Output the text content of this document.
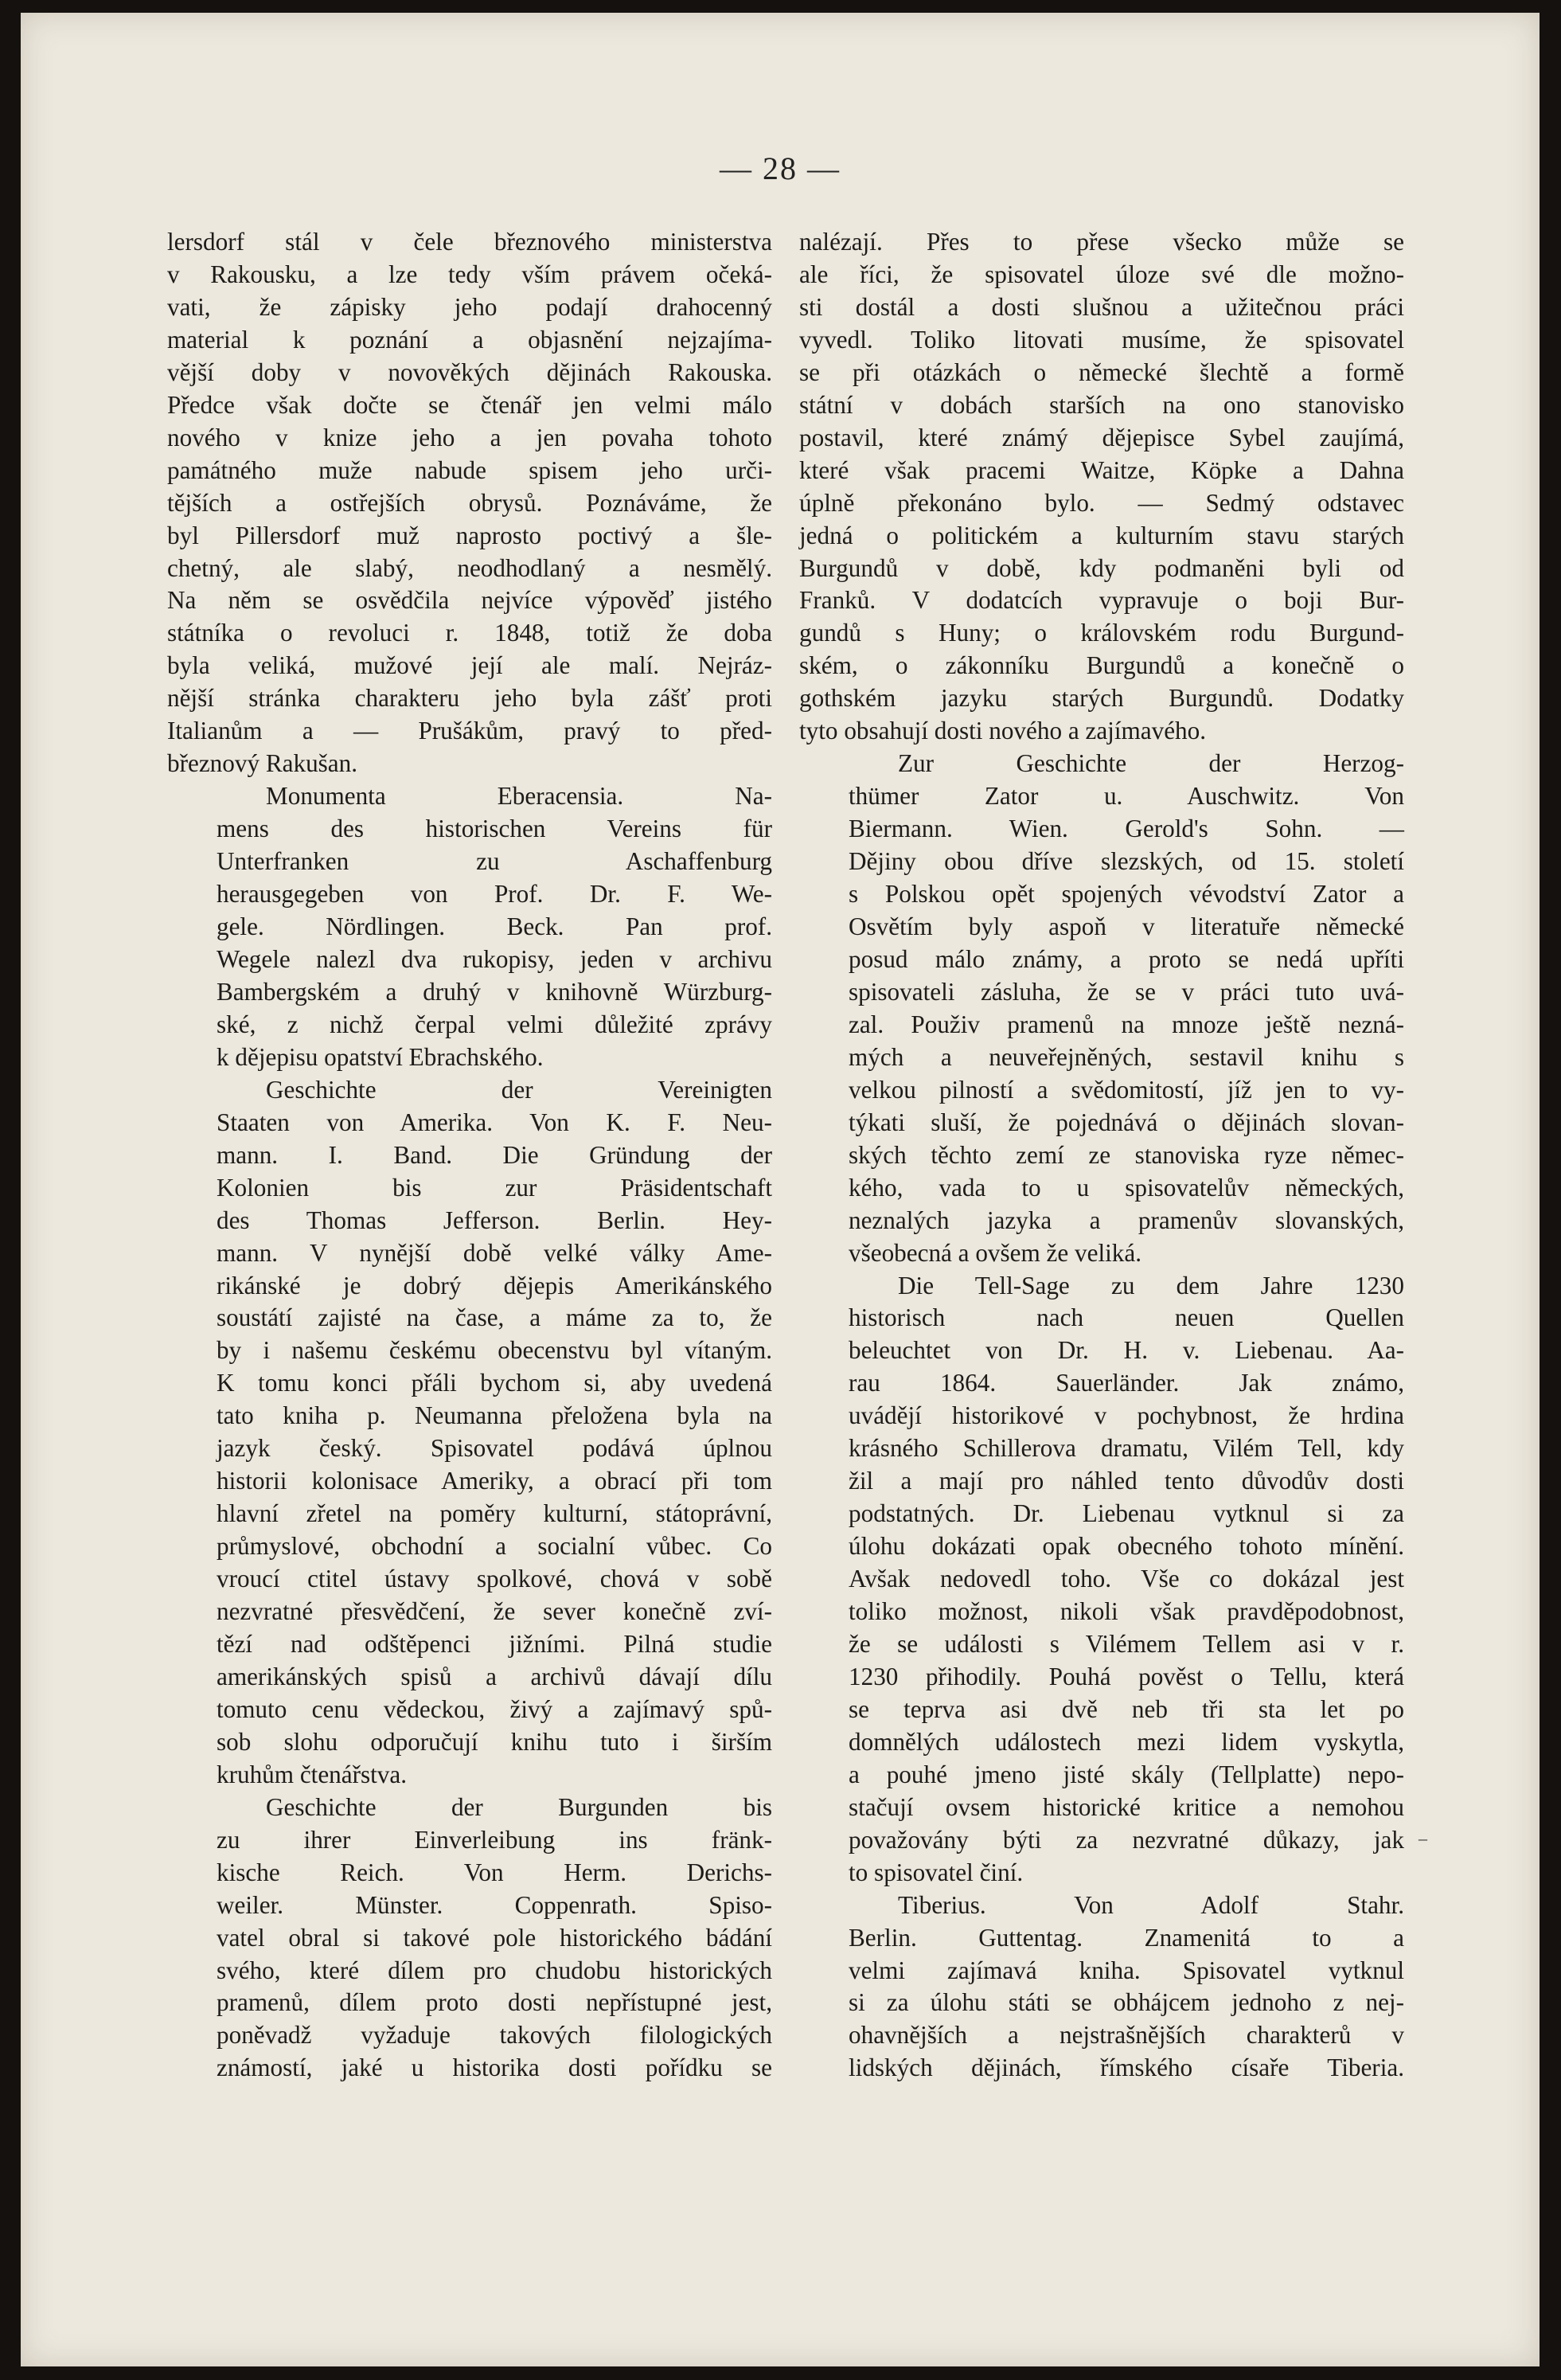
— 28 —

lersdorf stál v čele březnového ministerstva
v Rakousku, a lze tedy vším právem očeká-
vati, že zápisky jeho podají drahocenný
material k poznání a objasnění nejzajíma-
vější doby v novověkých dějinách Rakouska.
Předce však dočte se čtenář jen velmi málo
nového v knize jeho a jen povaha tohoto
památného muže nabude spisem jeho urči-
tějších a ostřejších obrysů. Poznáváme, že
byl Pillersdorf muž naprosto poctivý a šle-
chetný, ale slabý, neodhodlaný a nesmělý.
Na něm se osvědčila nejvíce výpověď jistého
státníka o revoluci r. 1848, totiž že doba
byla veliká, mužové její ale malí. Nejráz-
nější stránka charakteru jeho byla zášť proti
Italianům a — Prušákům, pravý to před-
březnový Rakušan.

Monumenta Eberacensia. Na-
mens des historischen Vereins für
Unterfranken zu Aschaffenburg
herausgegeben von Prof. Dr. F. We-
gele. Nördlingen. Beck. Pan prof.
Wegele nalezl dva rukopisy, jeden v archivu
Bambergském a druhý v knihovně Würzburg-
ské, z nichž čerpal velmi důležité zprávy
k dějepisu opatství Ebrachského.

Geschichte der Vereinigten
Staaten von Amerika. Von K. F. Neu-
mann. I. Band. Die Gründung der
Kolonien bis zur Präsidentschaft
des Thomas Jefferson. Berlin. Hey-
mann. V nynější době velké války Ame-
rikánské je dobrý dějepis Amerikánského
soustátí zajisté na čase, a máme za to, že
by i našemu českému obecenstvu byl vítaným.
K tomu konci přáli bychom si, aby uvedená
tato kniha p. Neumanna přeložena byla na
jazyk český. Spisovatel podává úplnou
historii kolonisace Ameriky, a obrací při tom
hlavní zřetel na poměry kulturní, státoprávní,
průmyslové, obchodní a socialní vůbec. Co
vroucí ctitel ústavy spolkové, chová v sobě
nezvratné přesvědčení, že sever konečně zví-
tězí nad odštěpenci jižními. Pilná studie
amerikánských spisů a archivů dávají dílu
tomuto cenu vědeckou, živý a zajímavý spů-
sob slohu odporučují knihu tuto i širším
kruhům čtenářstva.

Geschichte der Burgunden bis
zu ihrer Einverleibung ins fränk-
kische Reich. Von Herm. Derichs-
weiler. Münster. Coppenrath. Spiso-
vatel obral si takové pole historického bádání
svého, které dílem pro chudobu historických
pramenů, dílem proto dosti nepřístupné jest,
poněvadž vyžaduje takových filologických
známostí, jaké u historika dosti pořídku se

nalézají. Přes to přese všecko může se
ale říci, že spisovatel úloze své dle možno-
sti dostál a dosti slušnou a užitečnou práci
vyvedl. Toliko litovati musíme, že spisovatel
se při otázkách o německé šlechtě a formě
státní v dobách starších na ono stanovisko
postavil, které známý dějepisce Sybel zaujímá,
které však pracemi Waitze, Köpke a Dahna
úplně překonáno bylo. — Sedmý odstavec
jedná o politickém a kulturním stavu starých
Burgundů v době, kdy podmaněni byli od
Franků. V dodatcích vypravuje o boji Bur-
gundů s Huny; o královském rodu Burgund-
ském, o zákonníku Burgundů a konečně o
gothském jazyku starých Burgundů. Dodatky
tyto obsahují dosti nového a zajímavého.

Zur Geschichte der Herzog-
thümer Zator u. Auschwitz. Von
Biermann. Wien. Gerold's Sohn. —
Dějiny obou dříve slezských, od 15. století
s Polskou opět spojených vévodství Zator a
Osvětím byly aspoň v literatuře německé
posud málo známy, a proto se nedá upříti
spisovateli zásluha, že se v práci tuto uvá-
zal. Použiv pramenů na mnoze ještě nezná-
mých a neuveřejněných, sestavil knihu s
velkou pilností a svědomitostí, jíž jen to vy-
týkati sluší, že pojednává o dějinách slovan-
ských těchto zemí ze stanoviska ryze němec-
kého, vada to u spisovatelův německých,
neznalých jazyka a pramenův slovanských,
všeobecná a ovšem že veliká.

Die Tell-Sage zu dem Jahre 1230
historisch nach neuen Quellen
beleuchtet von Dr. H. v. Liebenau. Aa-
rau 1864. Sauerländer. Jak známo,
uvádějí historikové v pochybnost, že hrdina
krásného Schillerova dramatu, Vilém Tell, kdy
žil a mají pro náhled tento důvodův dosti
podstatných. Dr. Liebenau vytknul si za
úlohu dokázati opak obecného tohoto mínění.
Avšak nedovedl toho. Vše co dokázal jest
toliko možnost, nikoli však pravděpodobnost,
že se události s Vilémem Tellem asi v r.
1230 přihodily. Pouhá pověst o Tellu, která
se teprva asi dvě neb tři sta let po
domnělých událostech mezi lidem vyskytla,
a pouhé jmeno jisté skály (Tellplatte) nepo-
stačují ovsem historické kritice a nemohou
považovány býti za nezvratné důkazy, jak
to spisovatel činí.

Tiberius. Von Adolf Stahr.
Berlin. Guttentag. Znamenitá to a
velmi zajímavá kniha. Spisovatel vytknul
si za úlohu státi se obhájcem jednoho z nej-
ohavnějších a nejstrašnějších charakterů v
lidských dějinách, římského císaře Tiberia.

–
